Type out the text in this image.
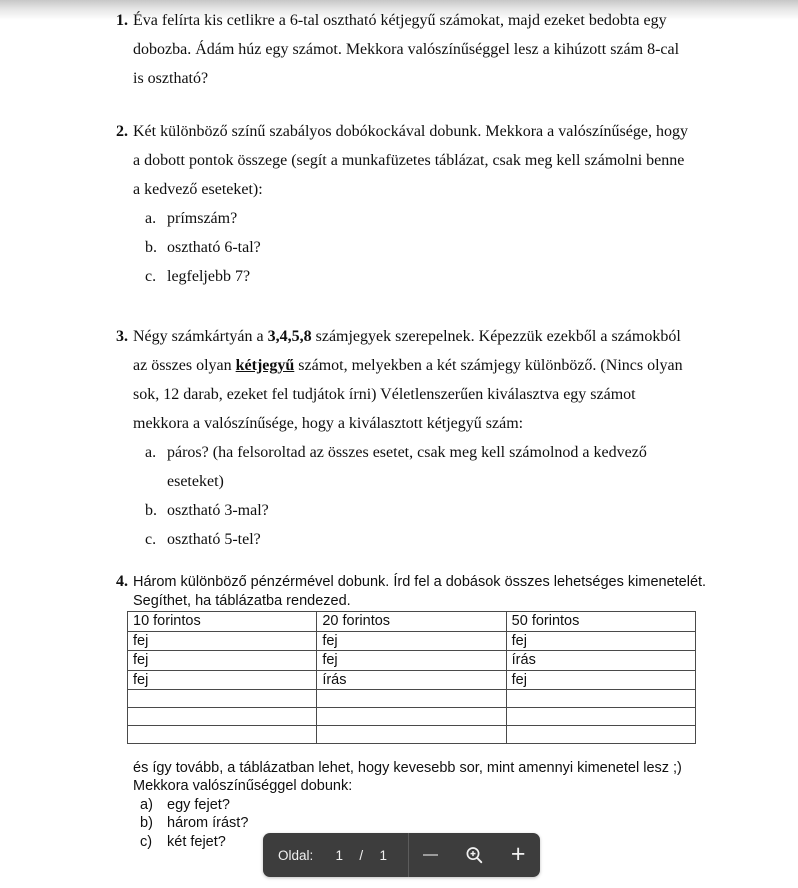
1. Éva felírta kis cetlikre a 6-tal osztható kétjegyű számokat, majd ezeket bedobta egy
dobozba. Ádám húz egy számot. Mekkora valószínűséggel lesz a kihúzott szám 8-cal
is osztható?
2. Két különböző színű szabályos dobókockával dobunk. Mekkora a valószínűsége, hogy
a dobott pontok összege (segít a munkafüzetes táblázat, csak meg kell számolni benne
a kedvező eseteket):
a. prímszám?
b. osztható 6-tal?
c. legfeljebb 7?
3. Négy számkártyán a 3,4,5,8 számjegyek szerepelnek. Képezzük ezekből a számokból
az összes olyan kétjegyű számot, melyekben a két számjegy különböző. (Nincs olyan
sok, 12 darab, ezeket fel tudjátok írni) Véletlenszerűen kiválasztva egy számot
mekkora a valószínűsége, hogy a kiválasztott kétjegyű szám:
a. páros? (ha felsoroltad az összes esetet, csak meg kell számolnod a kedvező
eseteket)
b. osztható 3-mal?
c. osztható 5-tel?
4. Három különböző pénzérmével dobunk. Írd fel a dobások összes lehetséges kimenetelét.
Segíthet, ha táblázatba rendezed.
10 forintos	20 forintos	50 forintos
fej	fej	fej
fej	fej	írás
fej	írás	fej

és így tovább, a táblázatban lehet, hogy kevesebb sor, mint amennyi kimenetel lesz ;)
Mekkora valószínűséggel dobunk:
a) egy fejet?
b) három írást?
c)	két fejet?
Oldal:	1	/	1	+
